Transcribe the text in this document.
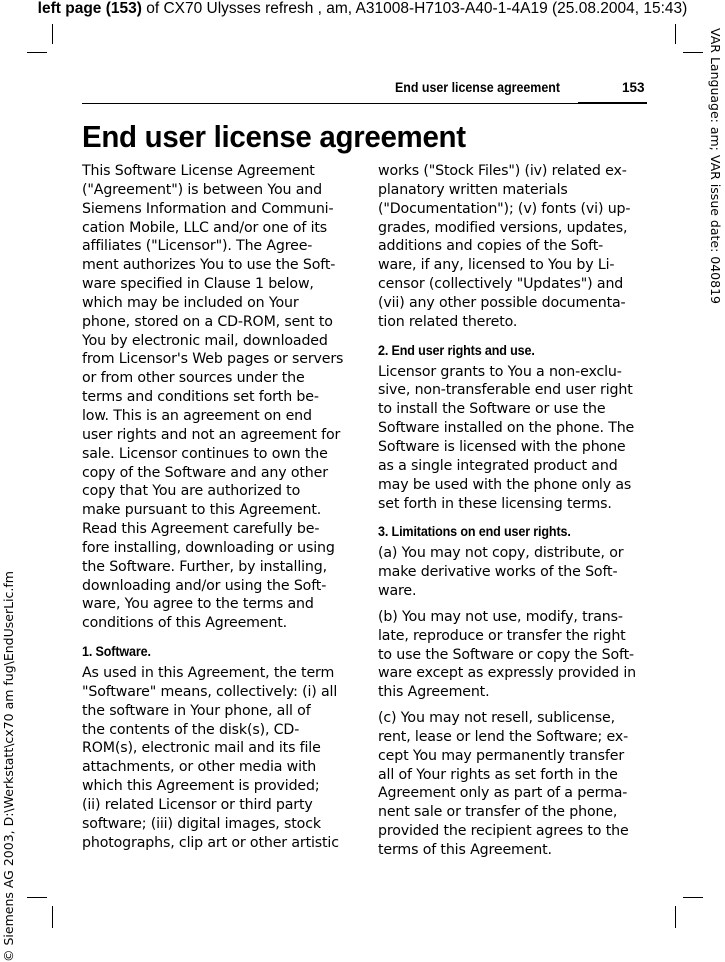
left page (153) of CX70 Ulysses refresh , am, A31008-H7103-A40-1-4A19 (25.08.2004, 15:43)
VAR Language: am; VAR issue date: 040819
© Siemens AG 2003, D:\Werkstatt\cx70 am fug\EndUserLic.fm
End user license agreement	153
End user license agreement

This Software License Agreement
("Agreement") is between You and
Siemens Information and Communi-
cation Mobile, LLC and/or one of its
affiliates ("Licensor"). The Agree-
ment authorizes You to use the Soft-
ware specified in Clause 1 below,
which may be included on Your
phone, stored on a CD-ROM, sent to
You by electronic mail, downloaded
from Licensor's Web pages or servers
or from other sources under the
terms and conditions set forth be-
low. This is an agreement on end
user rights and not an agreement for
sale. Licensor continues to own the
copy of the Software and any other
copy that You are authorized to
make pursuant to this Agreement.
Read this Agreement carefully be-
fore installing, downloading or using
the Software. Further, by installing,
downloading and/or using the Soft-
ware, You agree to the terms and
conditions of this Agreement.

1. Software.

As used in this Agreement, the term
"Software" means, collectively: (i) all
the software in Your phone, all of
the contents of the disk(s), CD-
ROM(s), electronic mail and its file
attachments, or other media with
which this Agreement is provided;
(ii) related Licensor or third party
software; (iii) digital images, stock
photographs, clip art or other artistic

works ("Stock Files") (iv) related ex-
planatory written materials
("Documentation"); (v) fonts (vi) up-
grades, modified versions, updates,
additions and copies of the Soft-
ware, if any, licensed to You by Li-
censor (collectively "Updates") and
(vii) any other possible documenta-
tion related thereto.

2. End user rights and use.

Licensor grants to You a non-exclu-
sive, non-transferable end user right
to install the Software or use the
Software installed on the phone. The
Software is licensed with the phone
as a single integrated product and
may be used with the phone only as
set forth in these licensing terms.

3. Limitations on end user rights.

(a) You may not copy, distribute, or
make derivative works of the Soft-
ware.

(b) You may not use, modify, trans-
late, reproduce or transfer the right
to use the Software or copy the Soft-
ware except as expressly provided in
this Agreement.

(c) You may not resell, sublicense,
rent, lease or lend the Software; ex-
cept You may permanently transfer
all of Your rights as set forth in the
Agreement only as part of a perma-
nent sale or transfer of the phone,
provided the recipient agrees to the
terms of this Agreement.
